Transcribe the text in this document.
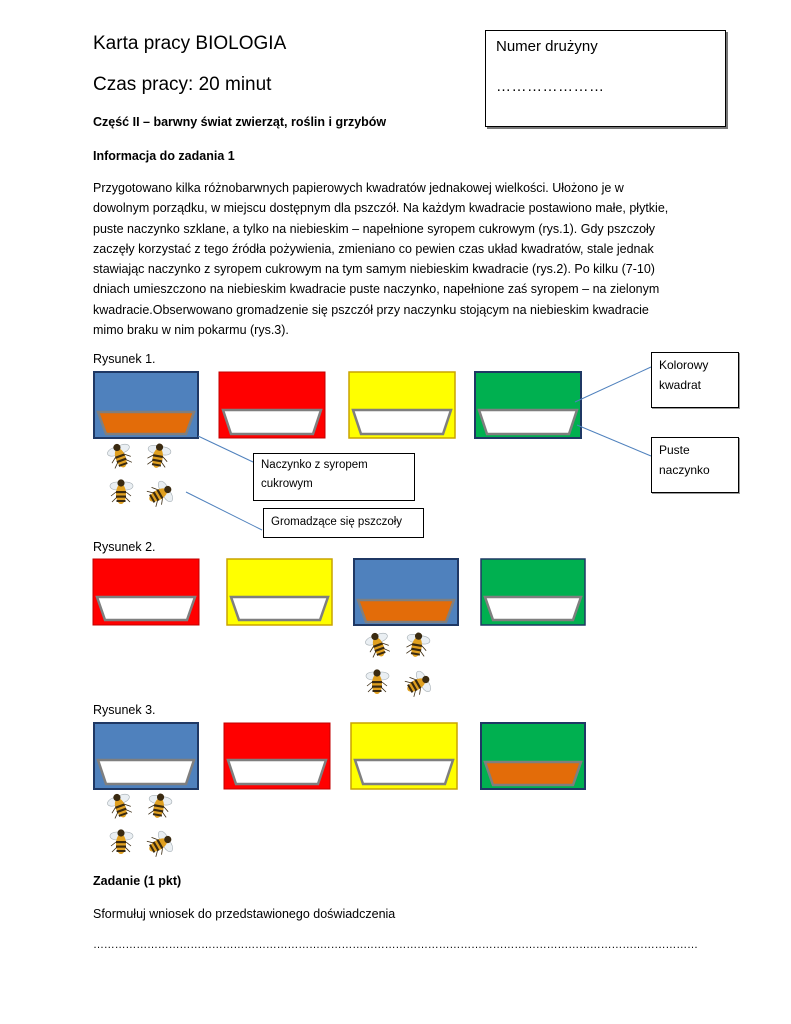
Karta pracy BIOLOGIA
Czas pracy: 20 minut
Numer drużyny
…………………
Część II – barwny świat zwierząt, roślin i grzybów
Informacja do zadania 1
Przygotowano kilka różnobarwnych papierowych kwadratów jednakowej wielkości. Ułożono je w
dowolnym porządku, w miejscu dostępnym dla pszczół. Na każdym kwadracie postawiono małe, płytkie,
puste naczynko szklane, a tylko na niebieskim – napełnione syropem cukrowym (rys.1). Gdy pszczoły
zaczęły korzystać z tego źródła pożywienia, zmieniano co pewien czas układ kwadratów, stale jednak
stawiając naczynko z syropem cukrowym na tym samym niebieskim kwadracie (rys.2). Po kilku (7-10)
dniach umieszczono na niebieskim kwadracie puste naczynko, napełnione zaś syropem – na zielonym
kwadracie.Obserwowano gromadzenie się pszczół przy naczynku stojącym na niebieskim kwadracie
mimo braku w nim pokarmu (rys.3).
Rysunek 1.
Rysunek 2.
Rysunek 3.
Kolorowy
kwadrat
Puste
naczynko
Naczynko z syropem
cukrowym
Gromadzące się pszczoły
Zadanie (1 pkt)
Sformułuj wniosek do przedstawionego doświadczenia
……………………………………………………………………………………………………………………………………………………
